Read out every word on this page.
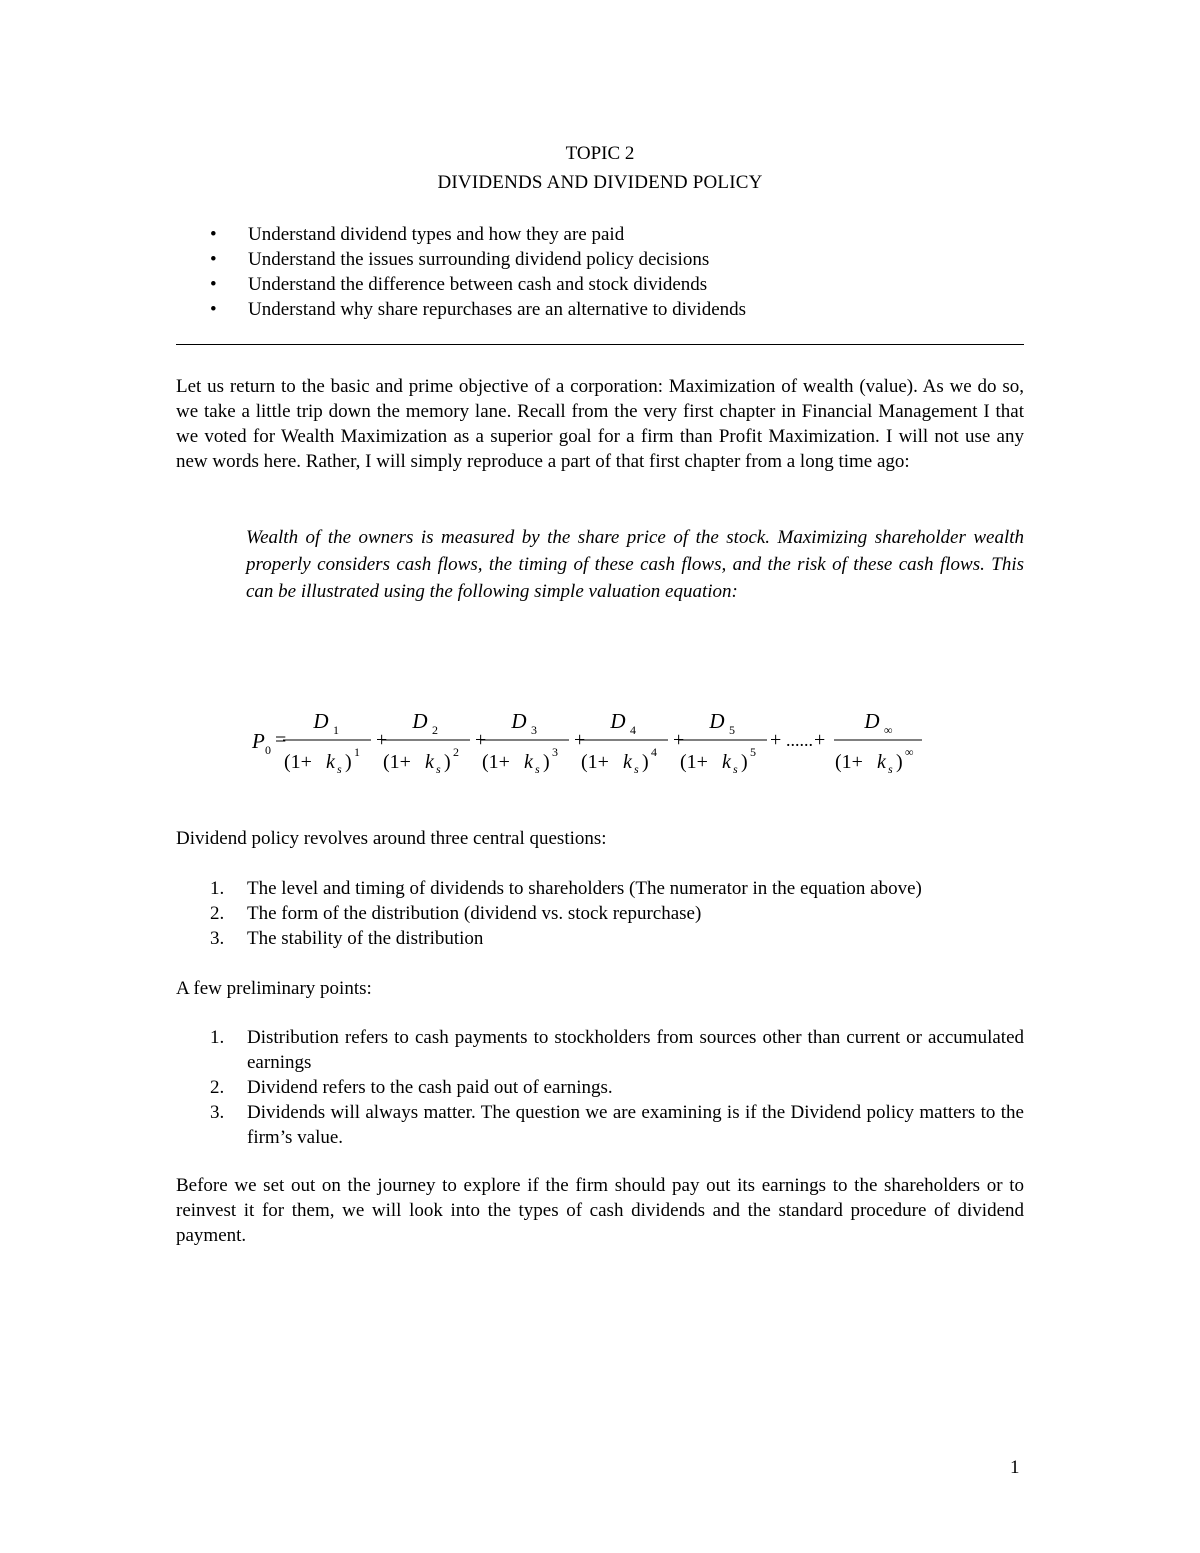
TOPIC 2
DIVIDENDS AND DIVIDEND POLICY
• Understand dividend types and how they are paid
• Understand the issues surrounding dividend policy decisions
• Understand the difference between cash and stock dividends
• Understand why share repurchases are an alternative to dividends

Let us return to the basic and prime objective of a corporation: Maximization of wealth (value). As we do so, we take a little trip down the memory lane. Recall from the very first chapter in Financial Management I that we voted for Wealth Maximization as a superior goal for a firm than Profit Maximization. I will not use any new words here. Rather, I will simply reproduce a part of that first chapter from a long time ago:

Wealth of the owners is measured by the share price of the stock. Maximizing shareholder wealth properly considers cash flows, the timing of these cash flows, and the risk of these cash flows. This can be illustrated using the following simple valuation equation:

P 0 =
D 1
(1+ k s ) 1
+
D 2
(1+ k s ) 2
+
D 3
(1+ k s ) 3
+
D 4
(1+ k s ) 4
+
D 5
(1+ k s ) 5
+
D ∞
(1+ k s ) ∞
...... +

Dividend policy revolves around three central questions:

1. The level and timing of dividends to shareholders (The numerator in the equation above)
2. The form of the distribution (dividend vs. stock repurchase)
3. The stability of the distribution

A few preliminary points:

1. Distribution refers to cash payments to stockholders from sources other than current or accumulated earnings
2. Dividend refers to the cash paid out of earnings.
3. Dividends will always matter. The question we are examining is if the Dividend policy matters to the firm’s value.

Before we set out on the journey to explore if the firm should pay out its earnings to the shareholders or to reinvest it for them, we will look into the types of cash dividends and the standard procedure of dividend payment.

1
